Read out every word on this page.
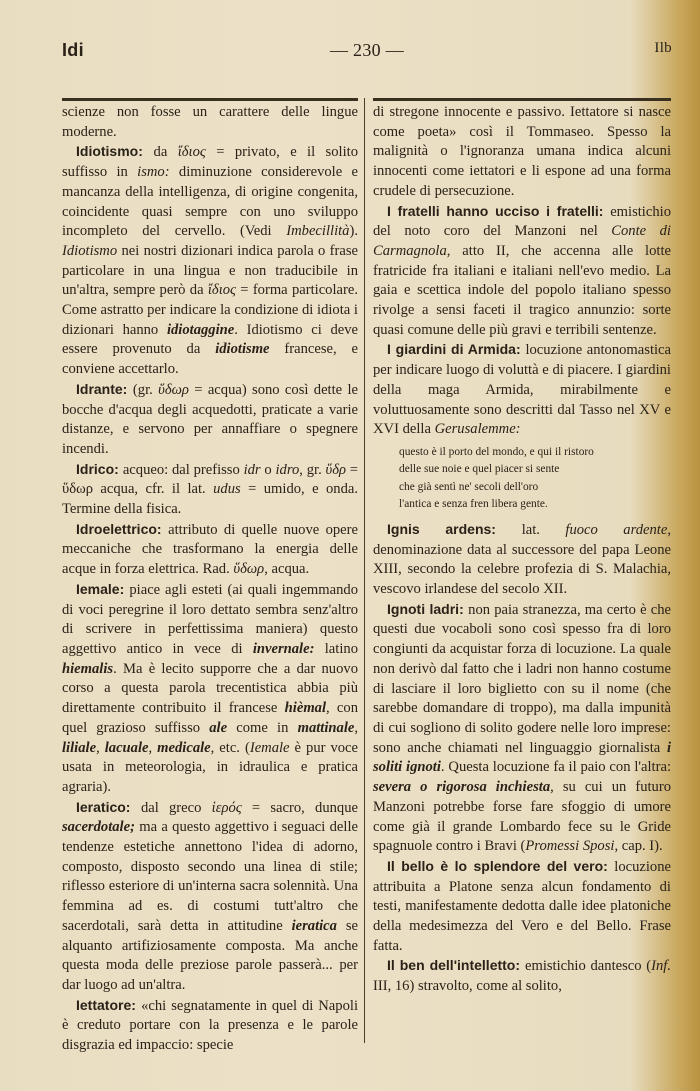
Idi	— 230 —	Ilb

scienze non fosse un carattere delle lingue moderne.

Idiotismo: da ἴδιος = privato, e il solito suffisso in ismo: diminuzione considerevole e mancanza della intelligenza, di origine congenita, coincidente quasi sempre con uno sviluppo incompleto del cervello. (Vedi Imbecillità). Idiotismo nei nostri dizionari indica parola o frase particolare in una lingua e non traducibile in un'altra, sempre però da ἴδιος = forma particolare. Come astratto per indicare la condizione di idiota i dizionari hanno idiotaggine. Idiotismo ci deve essere provenuto da idiotisme francese, e conviene accettarlo.

Idrante: (gr. ὕδωρ = acqua) sono così dette le bocche d'acqua degli acquedotti, praticate a varie distanze, e servono per annaffiare o spegnere incendi.

Idrico: acqueo: dal prefisso idr o idro, gr. ὕδρ = ὕδωρ acqua, cfr. il lat. udus = umido, e onda. Termine della fisica.

Idroelettrico: attributo di quelle nuove opere meccaniche che trasformano la energia delle acque in forza elettrica. Rad. ὕδωρ, acqua.

Iemale: piace agli esteti (ai quali ingemmando di voci peregrine il loro dettato sembra senz'altro di scrivere in perfettissima maniera) questo aggettivo antico in vece di invernale: latino hiemalis. Ma è lecito supporre che a dar nuovo corso a questa parola trecentistica abbia più direttamente contribuito il francese hièmal, con quel grazioso suffisso ale come in mattinale, liliale, lacuale, medicale, etc. (Iemale è pur voce usata in meteorologia, in idraulica e pratica agraria).

Ieratico: dal greco ἱερός = sacro, dunque sacerdotale; ma a questo aggettivo i seguaci delle tendenze estetiche annettono l'idea di adorno, composto, disposto secondo una linea di stile; riflesso esteriore di un'interna sacra solennità. Una femmina ad es. di costumi tutt'altro che sacerdotali, sarà detta in attitudine ieratica se alquanto artifiziosamente composta. Ma anche questa moda delle preziose parole passerà... per dar luogo ad un'altra.

Iettatore: «chi segnatamente in quel di Napoli è creduto portare con la presenza e le parole disgrazia ed impaccio: specie

di stregone innocente e passivo. Iettatore si nasce come poeta» così il Tommaseo. Spesso la malignità o l'ignoranza umana indica alcuni innocenti come iettatori e li espone ad una forma crudele di persecuzione.

I fratelli hanno ucciso i fratelli: emistichio del noto coro del Manzoni nel Conte di Carmagnola, atto II, che accenna alle lotte fratricide fra italiani e italiani nell'evo medio. La gaia e scettica indole del popolo italiano spesso rivolge a sensi faceti il tragico annunzio: sorte quasi comune delle più gravi e terribili sentenze.

I giardini di Armida: locuzione antonomastica per indicare luogo di voluttà e di piacere. I giardini della maga Armida, mirabilmente e voluttuosamente sono descritti dal Tasso nel XV e XVI della Gerusalemme:

questo è il porto del mondo, e qui il ristoro
delle sue noie e quel piacer si sente
che già sentì ne' secoli dell'oro
l'antica e senza fren libera gente.

Ignis ardens: lat. fuoco ardente, denominazione data al successore del papa Leone XIII, secondo la celebre profezia di S. Malachia, vescovo irlandese del secolo XII.

Ignoti ladri: non paia stranezza, ma certo è che questi due vocaboli sono così spesso fra di loro congiunti da acquistar forza di locuzione. La quale non derivò dal fatto che i ladri non hanno costume di lasciare il loro biglietto con su il nome (che sarebbe domandare di troppo), ma dalla impunità di cui sogliono di solito godere nelle loro imprese: sono anche chiamati nel linguaggio giornalista i soliti ignoti. Questa locuzione fa il paio con l'altra: severa o rigorosa inchiesta, su cui un futuro Manzoni potrebbe forse fare sfoggio di umore come già il grande Lombardo fece su le Gride spagnuole contro i Bravi (Promessi Sposi, cap. I).

Il bello è lo splendore del vero: locuzione attribuita a Platone senza alcun fondamento di testi, manifestamente dedotta dalle idee platoniche della medesimezza del Vero e del Bello. Frase fatta.

Il ben dell'intelletto: emistichio dantesco (Inf. III, 16) stravolto, come al solito,
